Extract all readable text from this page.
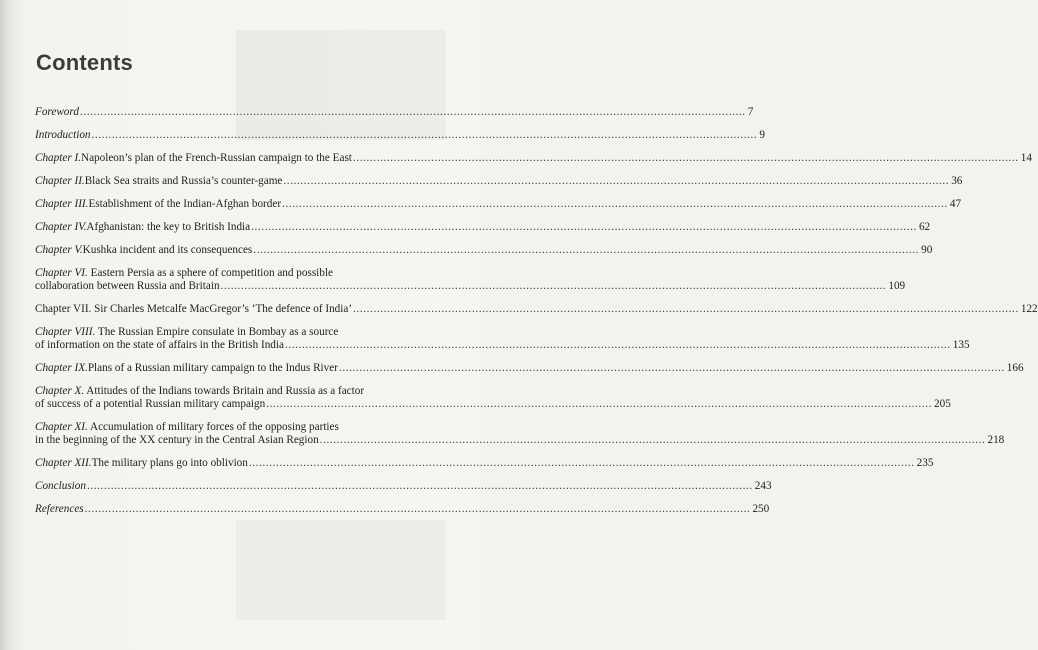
Contents
Foreword .................................................................................................................................................................................................... 7
Introduction .................................................................................................................................................................................................... 9
Chapter I. Napoleon’s plan of the French-Russian campaign to the East .................................................................................................................................................................................................... 14
Chapter II. Black Sea straits and Russia’s counter-game .................................................................................................................................................................................................... 36
Chapter III. Establishment of the Indian-Afghan border .................................................................................................................................................................................................... 47
Chapter IV. Afghanistan: the key to British India .................................................................................................................................................................................................... 62
Chapter V. Kushka incident and its consequences .................................................................................................................................................................................................... 90
Chapter VI. Eastern Persia as a sphere of competition and possible
collaboration between Russia and Britain .................................................................................................................................................................................................... 109
Chapter VII. Sir Charles Metcalfe MacGregor’s ‘The defence of India’ .................................................................................................................................................................................................... 122
Chapter VIII. The Russian Empire consulate in Bombay as a source
of information on the state of affairs in the British India .................................................................................................................................................................................................... 135
Chapter IX. Plans of a Russian military campaign to the Indus River .................................................................................................................................................................................................... 166
Chapter X. Attitudes of the Indians towards Britain and Russia as a factor
of success of a potential Russian military campaign .................................................................................................................................................................................................... 205
Chapter XI. Accumulation of military forces of the opposing parties
in the beginning of the XX century in the Central Asian Region .................................................................................................................................................................................................... 218
Chapter XII. The military plans go into oblivion .................................................................................................................................................................................................... 235
Conclusion .................................................................................................................................................................................................... 243
References .................................................................................................................................................................................................... 250
